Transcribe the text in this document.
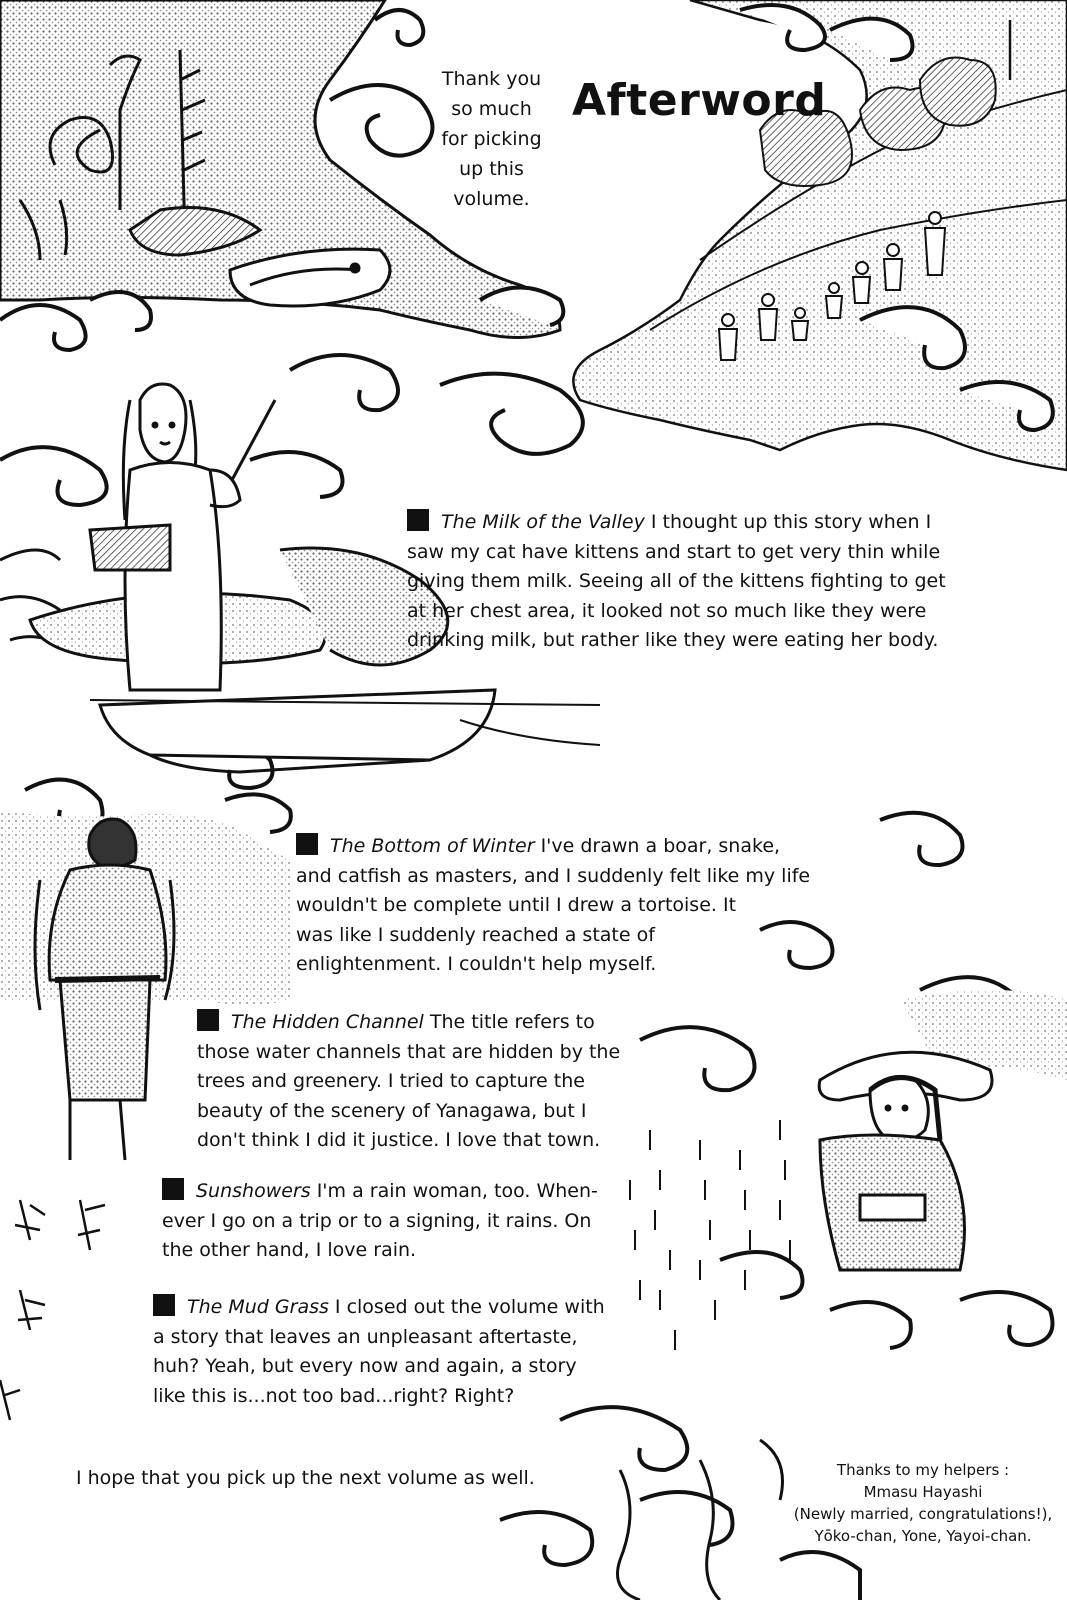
Afterword

Thank you
so much
for picking
up this
volume.

The Milk of the Valley I thought up this story when I
saw my cat have kittens and start to get very thin while
giving them milk. Seeing all of the kittens fighting to get
at her chest area, it looked not so much like they were
drinking milk, but rather like they were eating her body.

The Bottom of Winter I've drawn a boar, snake,
and catfish as masters, and I suddenly felt like my life
wouldn't be complete until I drew a tortoise. It
was like I suddenly reached a state of
enlightenment. I couldn't help myself.

The Hidden Channel The title refers to
those water channels that are hidden by the
trees and greenery. I tried to capture the
beauty of the scenery of Yanagawa, but I
don't think I did it justice. I love that town.

Sunshowers I'm a rain woman, too. When-
ever I go on a trip or to a signing, it rains. On
the other hand, I love rain.

The Mud Grass I closed out the volume with
a story that leaves an unpleasant aftertaste,
huh? Yeah, but every now and again, a story
like this is...not too bad...right? Right?

I hope that you pick up the next volume as well.	Thanks to my helpers :
Mmasu Hayashi
(Newly married, congratulations!),
Yōko-chan, Yone, Yayoi-chan.
